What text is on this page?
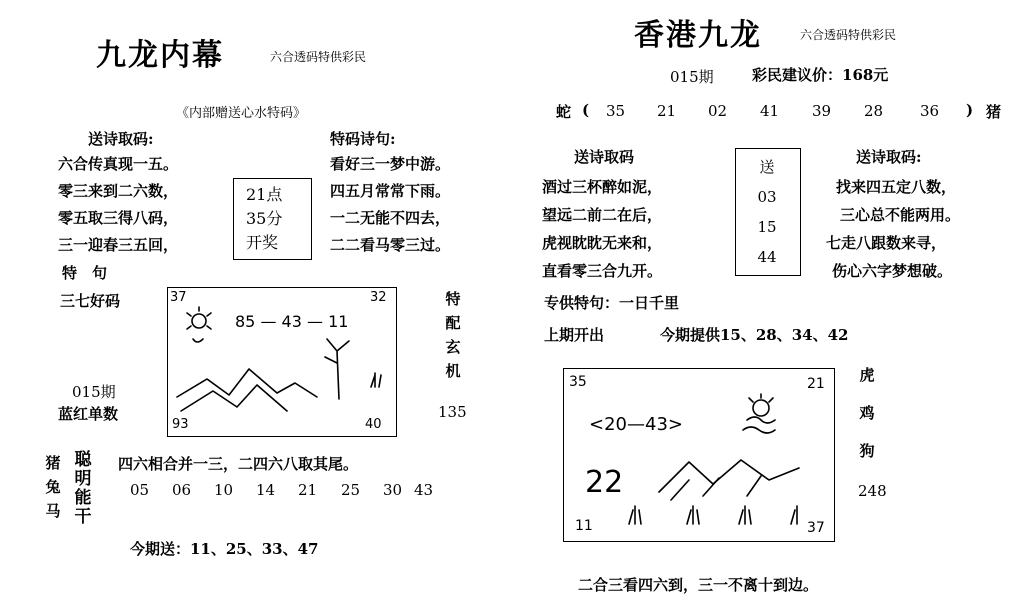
九龙内幕	六合透码特供彩民
《内部赠送心水特码》
送诗取码:
六合传真现一五。
零三来到二六数，
零五取三得八码，
三一迎春三五回，
21点
35分
开奖
特码诗句:
看好三一梦中游。
四五月常常下雨。
一二无能不四去，
二二看马零三过。
特　句
三七好码
015期
蓝红单数
37	32
93	40
85 — 43 — 11
特配玄机
135
猪
兔
马
聪
明
能
干
四六相合并一三，二四六八取其尾。
05 06 10 14 21 25 30 43
今期送：11、25、33、47
香港九龙	六合透码特供彩民
015期	彩民建议价：168元
蛇 ( 35 21 02 41 39 28 36 ) 猪
送诗取码
酒过三杯醉如泥，
望远二前二在后，
虎视眈眈无来和，
直看零三合九开。
送
03
15
44
送诗取码:
找来四五定八数，
三心总不能两用。
七走八跟数来寻，
伤心六字梦想破。
专供特句：一日千里
上期开出	今期提供15、28、34、42
35	21
11	37
<20—43>
22
虎
鸡
狗
248
二合三看四六到，三一不离十到边。
